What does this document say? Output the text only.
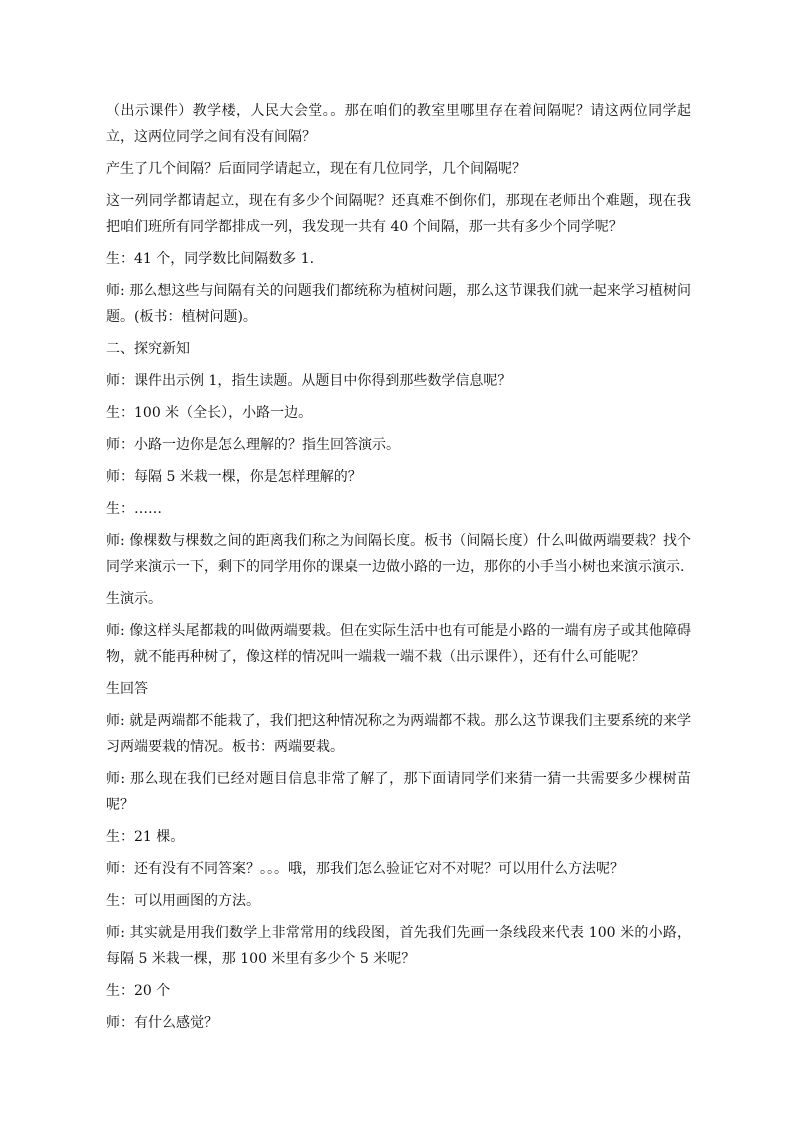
（出示课件）教学楼，人民大会堂。。那在咱们的教室里哪里存在着间隔呢？请这两位同学起立，这两位同学之间有没有间隔？

产生了几个间隔？后面同学请起立，现在有几位同学，几个间隔呢？

这一列同学都请起立，现在有多少个间隔呢？还真难不倒你们，那现在老师出个难题，现在我把咱们班所有同学都排成一列，我发现一共有 40 个间隔，那一共有多少个同学呢？

生：41 个，同学数比间隔数多 1.

师: 那么想这些与间隔有关的问题我们都统称为植树问题，那么这节课我们就一起来学习植树问题。(板书：植树问题)。

二、探究新知

师：课件出示例 1，指生读题。从题目中你得到那些数学信息呢？

生：100 米（全长），小路一边。

师：小路一边你是怎么理解的？指生回答演示。

师：每隔 5 米栽一棵，你是怎样理解的？

生：……

师: 像棵数与棵数之间的距离我们称之为间隔长度。板书（间隔长度）什么叫做两端要栽？找个同学来演示一下，剩下的同学用你的课桌一边做小路的一边，那你的小手当小树也来演示演示.

生演示。

师: 像这样头尾都栽的叫做两端要栽。但在实际生活中也有可能是小路的一端有房子或其他障碍物，就不能再种树了，像这样的情况叫一端栽一端不栽（出示课件），还有什么可能呢？

生回答

师: 就是两端都不能栽了，我们把这种情况称之为两端都不栽。那么这节课我们主要系统的来学习两端要栽的情况。板书：两端要栽。

师: 那么现在我们已经对题目信息非常了解了，那下面请同学们来猜一猜一共需要多少棵树苗呢？

生：21 棵。

师：还有没有不同答案？。。。哦，那我们怎么验证它对不对呢？可以用什么方法呢？

生：可以用画图的方法。

师: 其实就是用我们数学上非常常用的线段图，首先我们先画一条线段来代表 100 米的小路，每隔 5 米栽一棵，那 100 米里有多少个 5 米呢？

生：20 个

师：有什么感觉？
